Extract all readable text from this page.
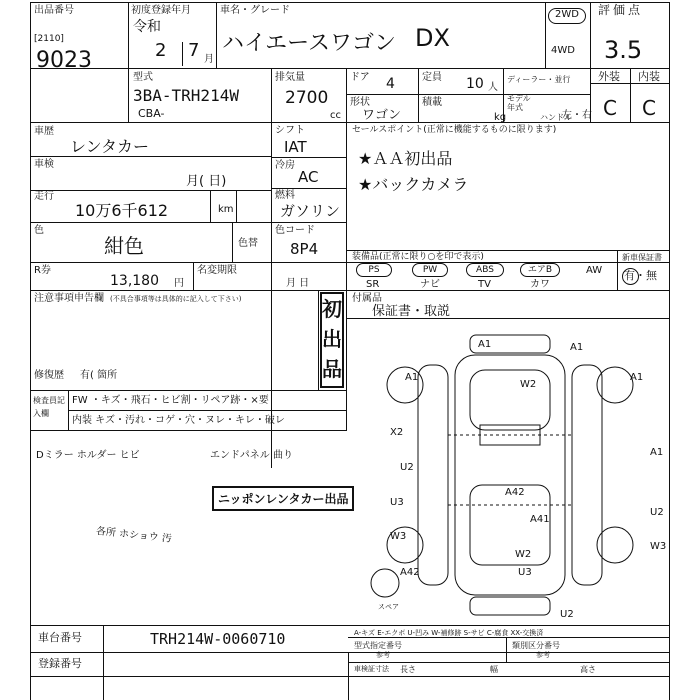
出品番号
[2110]
9023
初度登録年月
令和
2 7 月
車名・グレード
ハイエースワゴン DX
2WD
4WD
評価点
3.5
型式
3BA-TRH214W
CBA-
排気量
2700
cc
ドア 4
形状
ワゴン
定員 10 人
積載
kg
ディーラー・並行
モデル年式
ハンドル
左・右
外装 内装
C C
車歴
レンタカー
車検
月( 日)
走行
10万6千612	km
色
紺色	色替
R券
13,180 円
名変期限
月 日
シフト
IAT
冷房
AC
燃料
ガソリン
色コード
8P4
セールスポイント(正常に機能するものに限ります)
★ＡＡ初出品
★バックカメラ
装備品(正常に限り○を印で表示)	新車保証書
PS	PW	ABS	エアB	AW
SR	ナビ	TV	カワ
有・無
付属品
保証書・取説
注意事項申告欄 (不具合事項等は具体的に記入して下さい)	初出品
修復歴 有( 箇所
検査員記入欄
FW ・キズ・飛石・ヒビ割・リペア跡・×要
内装 キズ・汚れ・コゲ・穴・ヌレ・キレ・破レ
Dミラー ホルダー ヒビ	エンドパネル 曲り
ニッポンレンタカー出品
各所 ホショウ 汚
A1	A1
A1	A1
A1
W2
X2
U2
A42
A41
U3
W3
W2
U3
W3
A42
U2
U2
スペア
車台番号	TRH214W-0060710
登録番号
A-キズ E-エクボ U-凹み W-補修跡 S-サビ C-腐食 XX-交換済
型式指定番号
参考
類別区分番号
参考
車検証寸法 長さ	幅	高さ
